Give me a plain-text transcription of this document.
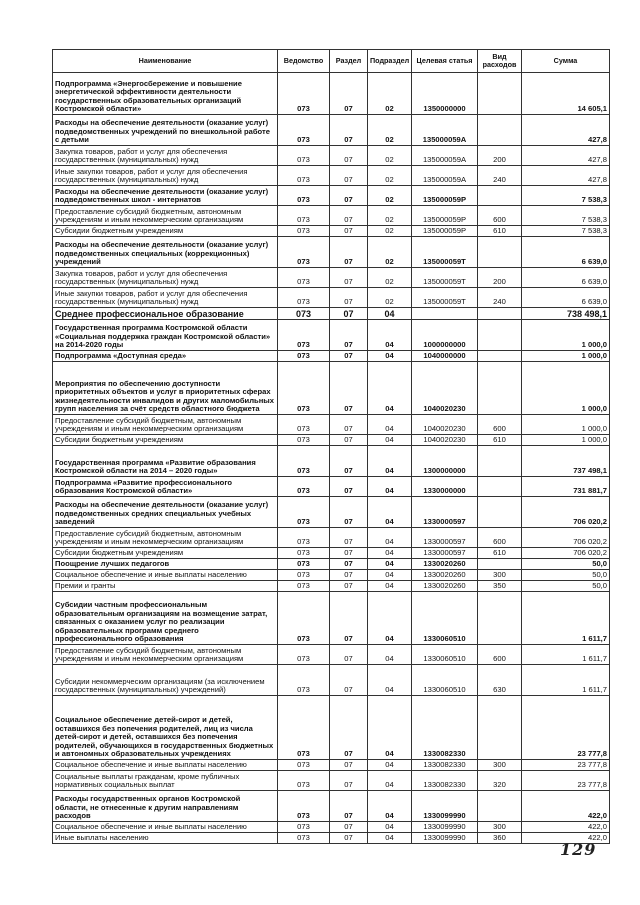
Наименование	Ведомство	Раздел	Подраздел	Целевая статья	Вид расходов	Сумма
Подпрограмма «Энергосбережение и повышение энергетической эффективности деятельности государственных образовательных организаций Костромской области»	073	07	02	1350000000		14 605,1
Расходы на обеспечение деятельности (оказание услуг) подведомственных учреждений по внешкольной работе с детьми	073	07	02	135000059А		427,8
Закупка товаров, работ и услуг для обеспечения государственных (муниципальных) нужд	073	07	02	135000059А	200	427,8
Иные закупки товаров, работ и услуг для обеспечения государственных (муниципальных) нужд	073	07	02	135000059А	240	427,8
Расходы на обеспечение деятельности (оказание услуг) подведомственных школ - интернатов	073	07	02	135000059Р		7 538,3
Предоставление субсидий бюджетным, автономным учреждениям и иным некоммерческим организациям	073	07	02	135000059Р	600	7 538,3
Субсидии бюджетным учреждениям	073	07	02	135000059Р	610	7 538,3
Расходы на обеспечение деятельности (оказание услуг) подведомственных специальных (коррекционных) учреждений	073	07	02	135000059Т		6 639,0
Закупка товаров, работ и услуг для обеспечения государственных (муниципальных) нужд	073	07	02	135000059Т	200	6 639,0
Иные закупки товаров, работ и услуг для обеспечения государственных (муниципальных) нужд	073	07	02	135000059Т	240	6 639,0
Среднее профессиональное образование	073	07	04			738 498,1
Государственная программа Костромской области «Социальная поддержка граждан Костромской области» на 2014-2020 годы	073	07	04	1000000000		1 000,0
Подпрограмма «Доступная среда»	073	07	04	1040000000		1 000,0
Мероприятия по обеспечению доступности приоритетных объектов и услуг в приоритетных сферах жизнедеятельности инвалидов и других маломобильных групп населения за счёт средств областного бюджета	073	07	04	1040020230		1 000,0
Предоставление субсидий бюджетным, автономным учреждениям и иным некоммерческим организациям	073	07	04	1040020230	600	1 000,0
Субсидии бюджетным учреждениям	073	07	04	1040020230	610	1 000,0
Государственная программа «Развитие образования Костромской области на 2014 – 2020 годы»	073	07	04	1300000000		737 498,1
Подпрограмма «Развитие профессионального образования Костромской области»	073	07	04	1330000000		731 881,7
Расходы на обеспечение деятельности (оказание услуг) подведомственных средних специальных учебных заведений	073	07	04	1330000597		706 020,2
Предоставление субсидий бюджетным, автономным учреждениям и иным некоммерческим организациям	073	07	04	1330000597	600	706 020,2
Субсидии бюджетным учреждениям	073	07	04	1330000597	610	706 020,2
Поощрение лучших педагогов	073	07	04	1330020260		50,0
Социальное обеспечение и иные выплаты населению	073	07	04	1330020260	300	50,0
Премии и гранты	073	07	04	1330020260	350	50,0
Субсидии частным профессиональным образовательным организациям на возмещение затрат, связанных с оказанием услуг по реализации образовательных программ среднего профессионального образования	073	07	04	1330060510		1 611,7
Предоставление субсидий бюджетным, автономным учреждениям и иным некоммерческим организациям	073	07	04	1330060510	600	1 611,7
Субсидии некоммерческим организациям (за исключением государственных (муниципальных) учреждений)	073	07	04	1330060510	630	1 611,7
Социальное обеспечение детей-сирот и детей, оставшихся без попечения родителей, лиц из числа детей-сирот и детей, оставшихся без попечения родителей, обучающихся в государственных бюджетных и автономных образовательных учреждениях	073	07	04	1330082330		23 777,8
Социальное обеспечение и иные выплаты населению	073	07	04	1330082330	300	23 777,8
Социальные выплаты гражданам, кроме публичных нормативных социальных выплат	073	07	04	1330082330	320	23 777,8
Расходы государственных органов Костромской области, не отнесенные к другим направлениям расходов	073	07	04	1330099990		422,0
Социальное обеспечение и иные выплаты населению	073	07	04	1330099990	300	422,0
Иные выплаты населению	073	07	04	1330099990	360	422,0
129
